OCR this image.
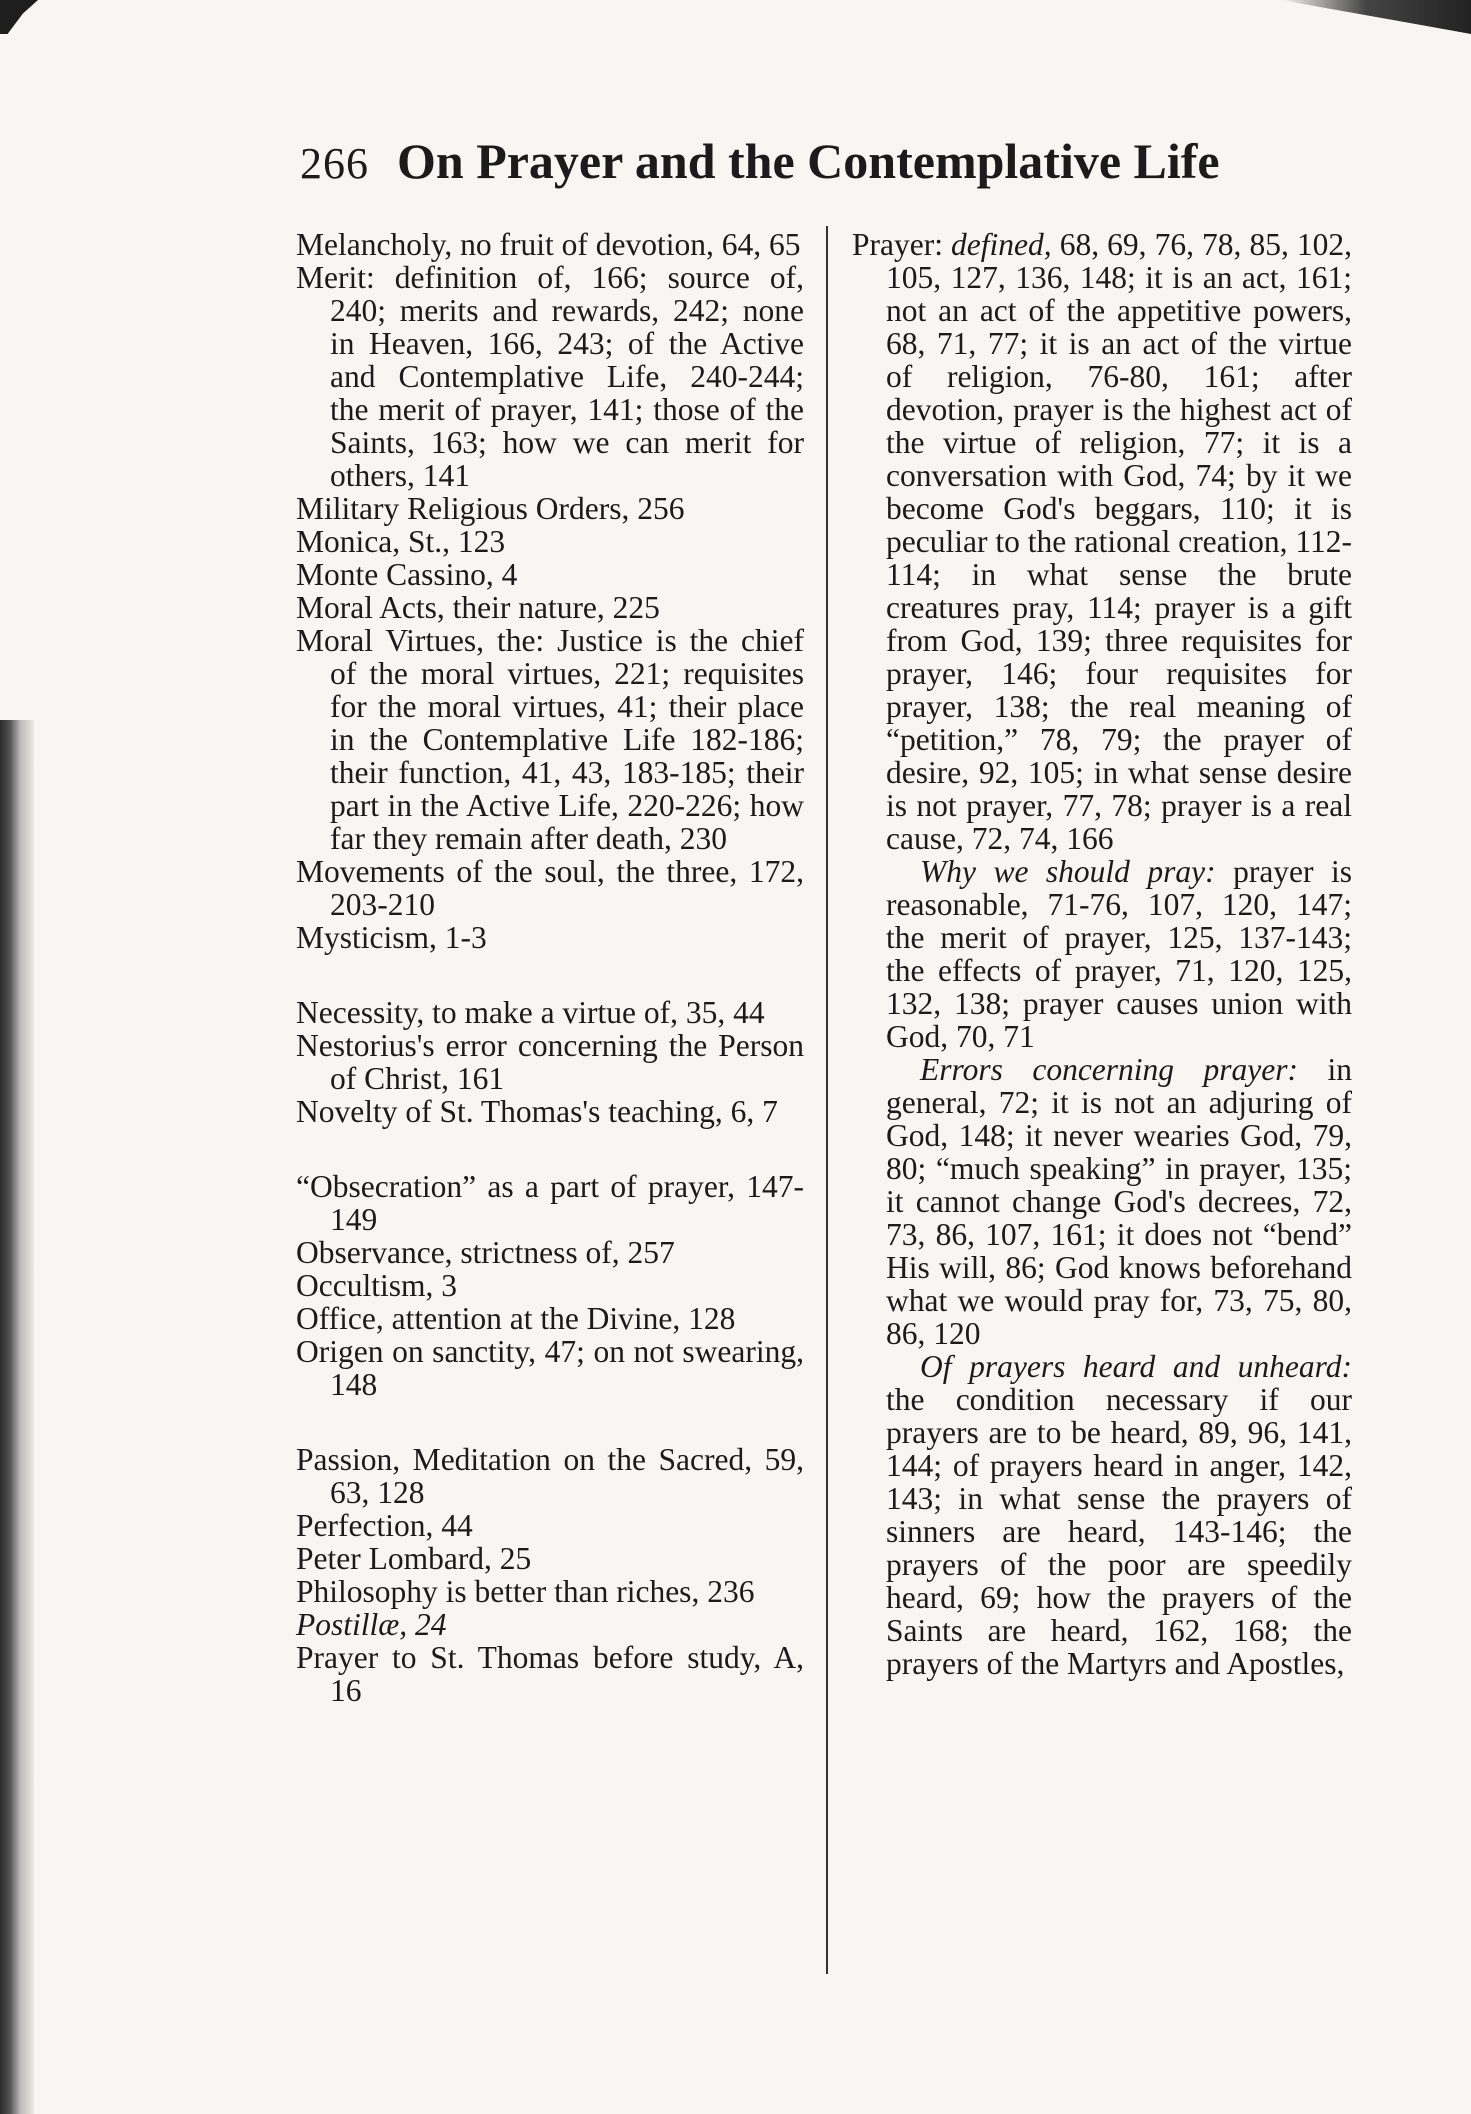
266 On Prayer and the Contemplative Life

Melancholy, no fruit of devotion, 64, 65

Merit: definition of, 166; source of, 240; merits and rewards, 242; none in Heaven, 166, 243; of the Active and Contemplative Life, 240-244; the merit of prayer, 141; those of the Saints, 163; how we can merit for others, 141

Military Religious Orders, 256

Monica, St., 123

Monte Cassino, 4

Moral Acts, their nature, 225

Moral Virtues, the: Justice is the chief of the moral virtues, 221; requisites for the moral virtues, 41; their place in the Contemplative Life 182-186; their function, 41, 43, 183-185; their part in the Active Life, 220-226; how far they remain after death, 230

Movements of the soul, the three, 172, 203-210

Mysticism, 1-3

Necessity, to make a virtue of, 35, 44

Nestorius's error concerning the Person of Christ, 161

Novelty of St. Thomas's teaching, 6, 7

“Obsecration” as a part of prayer, 147-149

Observance, strictness of, 257

Occultism, 3

Office, attention at the Divine, 128

Origen on sanctity, 47; on not swearing, 148

Passion, Meditation on the Sacred, 59, 63, 128

Perfection, 44

Peter Lombard, 25

Philosophy is better than riches, 236

Postillæ, 24

Prayer to St. Thomas before study, A, 16

Prayer: defined, 68, 69, 76, 78, 85, 102, 105, 127, 136, 148; it is an act, 161; not an act of the appetitive powers, 68, 71, 77; it is an act of the virtue of religion, 76-80, 161; after devotion, prayer is the highest act of the virtue of religion, 77; it is a conversation with God, 74; by it we become God's beggars, 110; it is peculiar to the rational creation, 112-114; in what sense the brute creatures pray, 114; prayer is a gift from God, 139; three requisites for prayer, 146; four requisites for prayer, 138; the real meaning of “petition,” 78, 79; the prayer of desire, 92, 105; in what sense desire is not prayer, 77, 78; prayer is a real cause, 72, 74, 166

Why we should pray: prayer is reasonable, 71-76, 107, 120, 147; the merit of prayer, 125, 137-143; the effects of prayer, 71, 120, 125, 132, 138; prayer causes union with God, 70, 71

Errors concerning prayer: in general, 72; it is not an adjuring of God, 148; it never wearies God, 79, 80; “much speaking” in prayer, 135; it cannot change God's decrees, 72, 73, 86, 107, 161; it does not “bend” His will, 86; God knows beforehand what we would pray for, 73, 75, 80, 86, 120

Of prayers heard and unheard: the condition necessary if our prayers are to be heard, 89, 96, 141, 144; of prayers heard in anger, 142, 143; in what sense the prayers of sinners are heard, 143-146; the prayers of the poor are speedily heard, 69; how the prayers of the Saints are heard, 162, 168; the prayers of the Martyrs and Apostles,
